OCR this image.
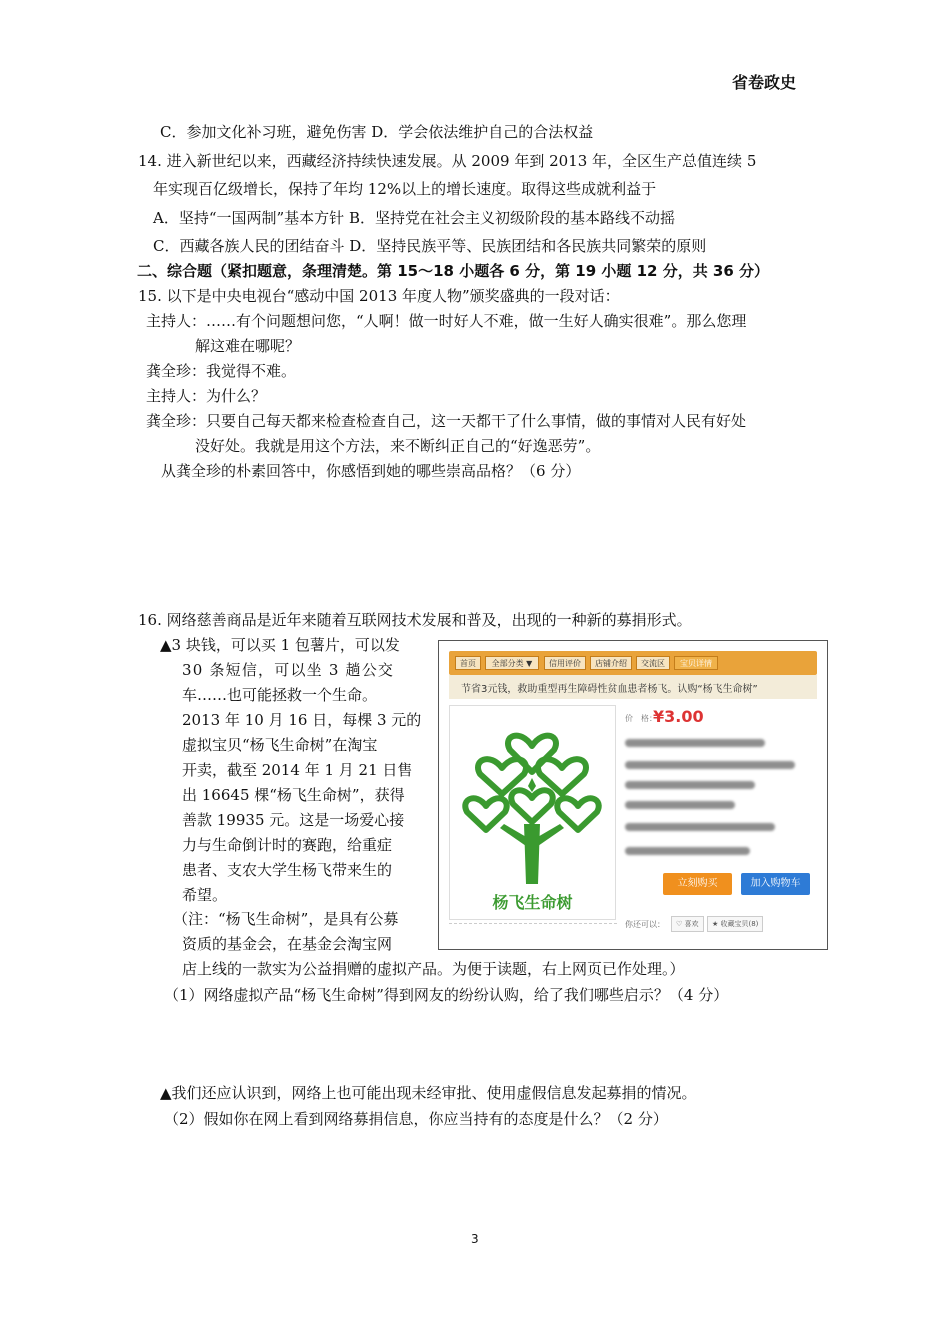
省卷政史
C．参加文化补习班，避免伤害 D．学会依法维护自己的合法权益
14. 进入新世纪以来，西藏经济持续快速发展。从 2009 年到 2013 年，全区生产总值连续 5
年实现百亿级增长，保持了年均 12%以上的增长速度。取得这些成就利益于
A．坚持“一国两制”基本方针 B．坚持党在社会主义初级阶段的基本路线不动摇
C．西藏各族人民的团结奋斗 D．坚持民族平等、民族团结和各民族共同繁荣的原则
二、综合题（紧扣题意，条理清楚。第 15～18 小题各 6 分，第 19 小题 12 分，共 36 分）
15. 以下是中央电视台“感动中国 2013 年度人物”颁奖盛典的一段对话：
主持人：……有个问题想问您，“人啊！做一时好人不难，做一生好人确实很难”。那么您理
解这难在哪呢？
龚全珍：我觉得不难。
主持人：为什么？
龚全珍：只要自己每天都来检查检查自己，这一天都干了什么事情，做的事情对人民有好处
没好处。我就是用这个方法，来不断纠正自己的“好逸恶劳”。
从龚全珍的朴素回答中，你感悟到她的哪些崇高品格？（6 分）
16. 网络慈善商品是近年来随着互联网技术发展和普及，出现的一种新的募捐形式。
▲3 块钱，可以买 1 包薯片，可以发
30 条短信，可以坐 3 趟公交
车……也可能拯救一个生命。
2013 年 10 月 16 日，每棵 3 元的
虚拟宝贝“杨飞生命树”在淘宝
开卖，截至 2014 年 1 月 21 日售
出 16645 棵“杨飞生命树”，获得
善款 19935 元。这是一场爱心接
力与生命倒计时的赛跑，给重症
患者、支农大学生杨飞带来生的
希望。
（注：“杨飞生命树”，是具有公募
资质的基金会，在基金会淘宝网
店上线的一款实为公益捐赠的虚拟产品。为便于读题，右上网页已作处理。）
（1）网络虚拟产品“杨飞生命树”得到网友的纷纷认购，给了我们哪些启示？（4 分）
▲我们还应认识到，网络上也可能出现未经审批、使用虚假信息发起募捐的情况。
（2）假如你在网上看到网络募捐信息，你应当持有的态度是什么？（2 分）
首页	全部分类 ▼	信用评价	店铺介绍	交流区	宝贝详情
节省3元钱，救助重型再生障碍性贫血患者杨飞。认购“杨飞生命树”
杨飞生命树
价　格：
¥3.00
立刻购买	加入购物车
你还可以：	♡ 喜欢	★ 收藏宝贝(8)
3
